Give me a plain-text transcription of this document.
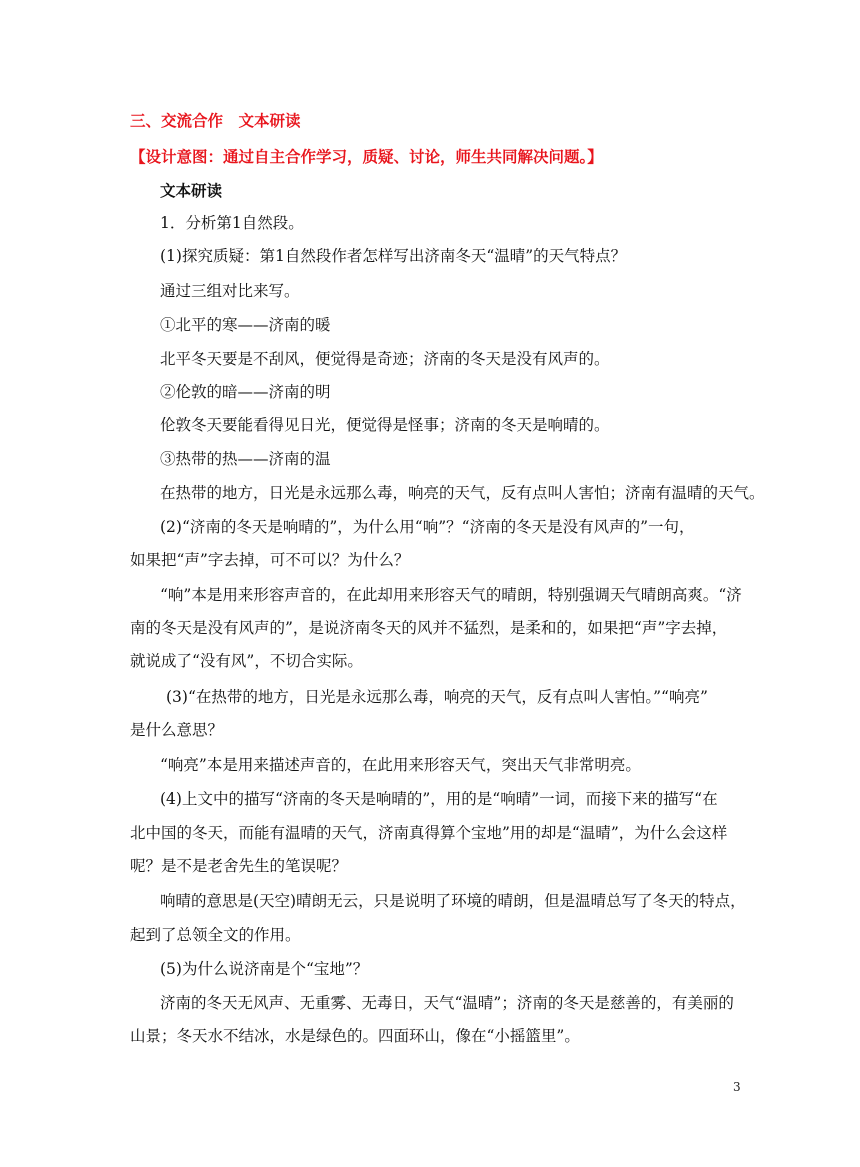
三、交流合作　文本研读
【设计意图：通过自主合作学习，质疑、讨论，师生共同解决问题。】
文本研读
1．分析第1自然段。
(1)探究质疑：第1自然段作者怎样写出济南冬天“温晴”的天气特点？
通过三组对比来写。
①北平的寒——济南的暖
北平冬天要是不刮风，便觉得是奇迹；济南的冬天是没有风声的。
②伦敦的暗——济南的明
伦敦冬天要能看得见日光，便觉得是怪事；济南的冬天是响晴的。
③热带的热——济南的温
在热带的地方，日光是永远那么毒，响亮的天气，反有点叫人害怕；济南有温晴的天气。
(2)“济南的冬天是响晴的”，为什么用“响”？“济南的冬天是没有风声的”一句，
如果把“声”字去掉，可不可以？为什么？
“响”本是用来形容声音的，在此却用来形容天气的晴朗，特别强调天气晴朗高爽。“济
南的冬天是没有风声的”，是说济南冬天的风并不猛烈，是柔和的，如果把“声”字去掉，
就说成了“没有风”，不切合实际。
(3)“在热带的地方，日光是永远那么毒，响亮的天气，反有点叫人害怕。”“响亮”
是什么意思？
“响亮”本是用来描述声音的，在此用来形容天气，突出天气非常明亮。
(4)上文中的描写“济南的冬天是响晴的”，用的是“响晴”一词，而接下来的描写“在
北中国的冬天，而能有温晴的天气，济南真得算个宝地”用的却是“温晴”，为什么会这样
呢？是不是老舍先生的笔误呢？
响晴的意思是(天空)晴朗无云，只是说明了环境的晴朗，但是温晴总写了冬天的特点，
起到了总领全文的作用。
(5)为什么说济南是个“宝地”？
济南的冬天无风声、无重雾、无毒日，天气“温晴”；济南的冬天是慈善的，有美丽的
山景；冬天水不结冰，水是绿色的。四面环山，像在“小摇篮里”。
3
